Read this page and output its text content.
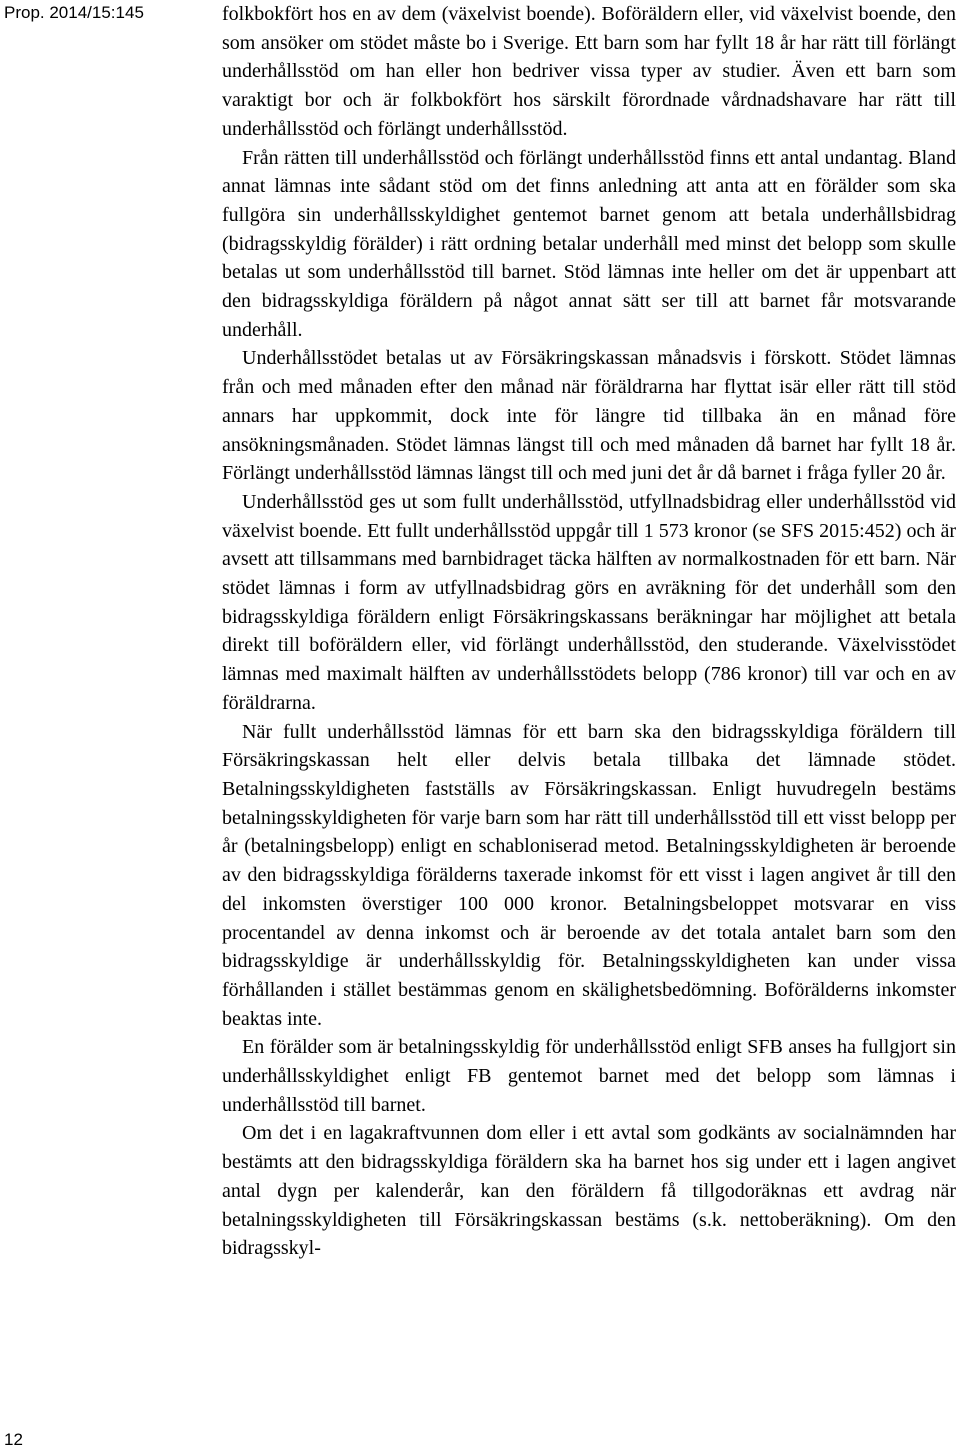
Prop. 2014/15:145	folkbokfört hos en av dem (växelvist boende). Boföräldern eller, vid växelvist boende, den som ansöker om stödet måste bo i Sverige. Ett barn som har fyllt 18 år har rätt till förlängt underhållsstöd om han eller hon bedriver vissa typer av studier. Även ett barn som varaktigt bor och är folkbokfört hos särskilt förordnade vårdnadshavare har rätt till underhållsstöd och förlängt underhållsstöd.

Från rätten till underhållsstöd och förlängt underhållsstöd finns ett antal undantag. Bland annat lämnas inte sådant stöd om det finns anledning att anta att en förälder som ska fullgöra sin underhållsskyldighet gentemot barnet genom att betala underhållsbidrag (bidragsskyldig förälder) i rätt ordning betalar underhåll med minst det belopp som skulle betalas ut som underhållsstöd till barnet. Stöd lämnas inte heller om det är uppenbart att den bidragsskyldiga föräldern på något annat sätt ser till att barnet får motsvarande underhåll.

Underhållsstödet betalas ut av Försäkringskassan månadsvis i förskott. Stödet lämnas från och med månaden efter den månad när föräldrarna har flyttat isär eller rätt till stöd annars har uppkommit, dock inte för längre tid tillbaka än en månad före ansökningsmånaden. Stödet lämnas längst till och med månaden då barnet har fyllt 18 år. Förlängt underhållsstöd lämnas längst till och med juni det år då barnet i fråga fyller 20 år.

Underhållsstöd ges ut som fullt underhållsstöd, utfyllnadsbidrag eller underhållsstöd vid växelvist boende. Ett fullt underhållsstöd uppgår till 1 573 kronor (se SFS 2015:452) och är avsett att tillsammans med barnbidraget täcka hälften av normalkostnaden för ett barn. När stödet lämnas i form av utfyllnadsbidrag görs en avräkning för det underhåll som den bidragsskyldiga föräldern enligt Försäkringskassans beräkningar har möjlighet att betala direkt till boföräldern eller, vid förlängt underhållsstöd, den studerande. Växelvisstödet lämnas med maximalt hälften av underhållsstödets belopp (786 kronor) till var och en av föräldrarna.

När fullt underhållsstöd lämnas för ett barn ska den bidragsskyldiga föräldern till Försäkringskassan helt eller delvis betala tillbaka det lämnade stödet. Betalningsskyldigheten fastställs av Försäkringskassan. Enligt huvudregeln bestäms betalningsskyldigheten för varje barn som har rätt till underhållsstöd till ett visst belopp per år (betalningsbelopp) enligt en schabloniserad metod. Betalningsskyldigheten är beroende av den bidragsskyldiga förälderns taxerade inkomst för ett visst i lagen angivet år till den del inkomsten överstiger 100 000 kronor. Betalningsbeloppet motsvarar en viss procentandel av denna inkomst och är beroende av det totala antalet barn som den bidragsskyldige är underhållsskyldig för. Betalningsskyldigheten kan under vissa förhållanden i stället bestämmas genom en skälighetsbedömning. Boförälderns inkomster beaktas inte.

En förälder som är betalningsskyldig för underhållsstöd enligt SFB anses ha fullgjort sin underhållsskyldighet enligt FB gentemot barnet med det belopp som lämnas i underhållsstöd till barnet.

Om det i en lagakraftvunnen dom eller i ett avtal som godkänts av socialnämnden har bestämts att den bidragsskyldiga föräldern ska ha barnet hos sig under ett i lagen angivet antal dygn per kalenderår, kan den föräldern få tillgodoräknas ett avdrag när betalningsskyldigheten till Försäkringskassan bestäms (s.k. nettoberäkning). Om den bidragsskyl-

12
